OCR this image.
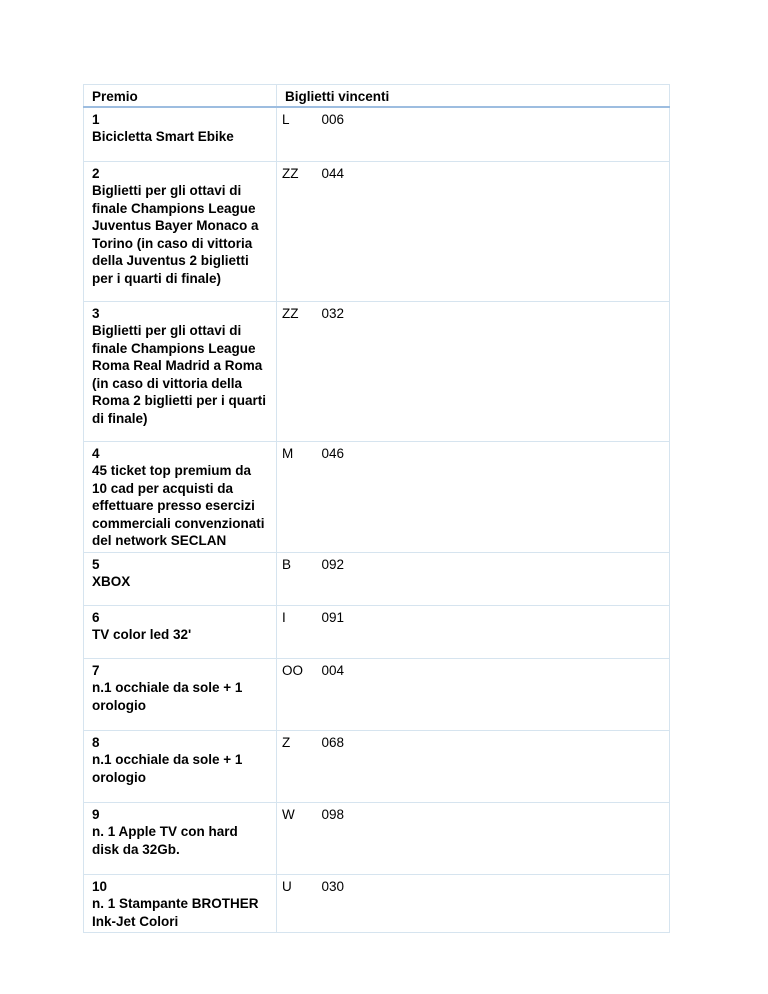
Premio	Biglietti vincenti	

1
Bicicletta Smart Ebike	L	006

2
Biglietti per gli ottavi di finale Champions League Juventus Bayer Monaco a Torino (in caso di vittoria della Juventus 2 biglietti per i quarti di finale)	ZZ	044

3
Biglietti per gli ottavi di finale Champions League Roma Real Madrid a Roma (in caso di vittoria della Roma 2 biglietti per i quarti di finale)	ZZ	032

4
45 ticket top premium da 10 cad per acquisti da effettuare presso esercizi commerciali convenzionati del network SECLAN	M	046

5
XBOX	B	092

6
TV color led 32'	I	091

7
n.1 occhiale da sole + 1 orologio	OO	004

8
n.1 occhiale da sole + 1 orologio	Z	068

9
n. 1 Apple TV con hard disk da 32Gb.	W	098

10
n. 1 Stampante BROTHER Ink-Jet Colori	U	030
